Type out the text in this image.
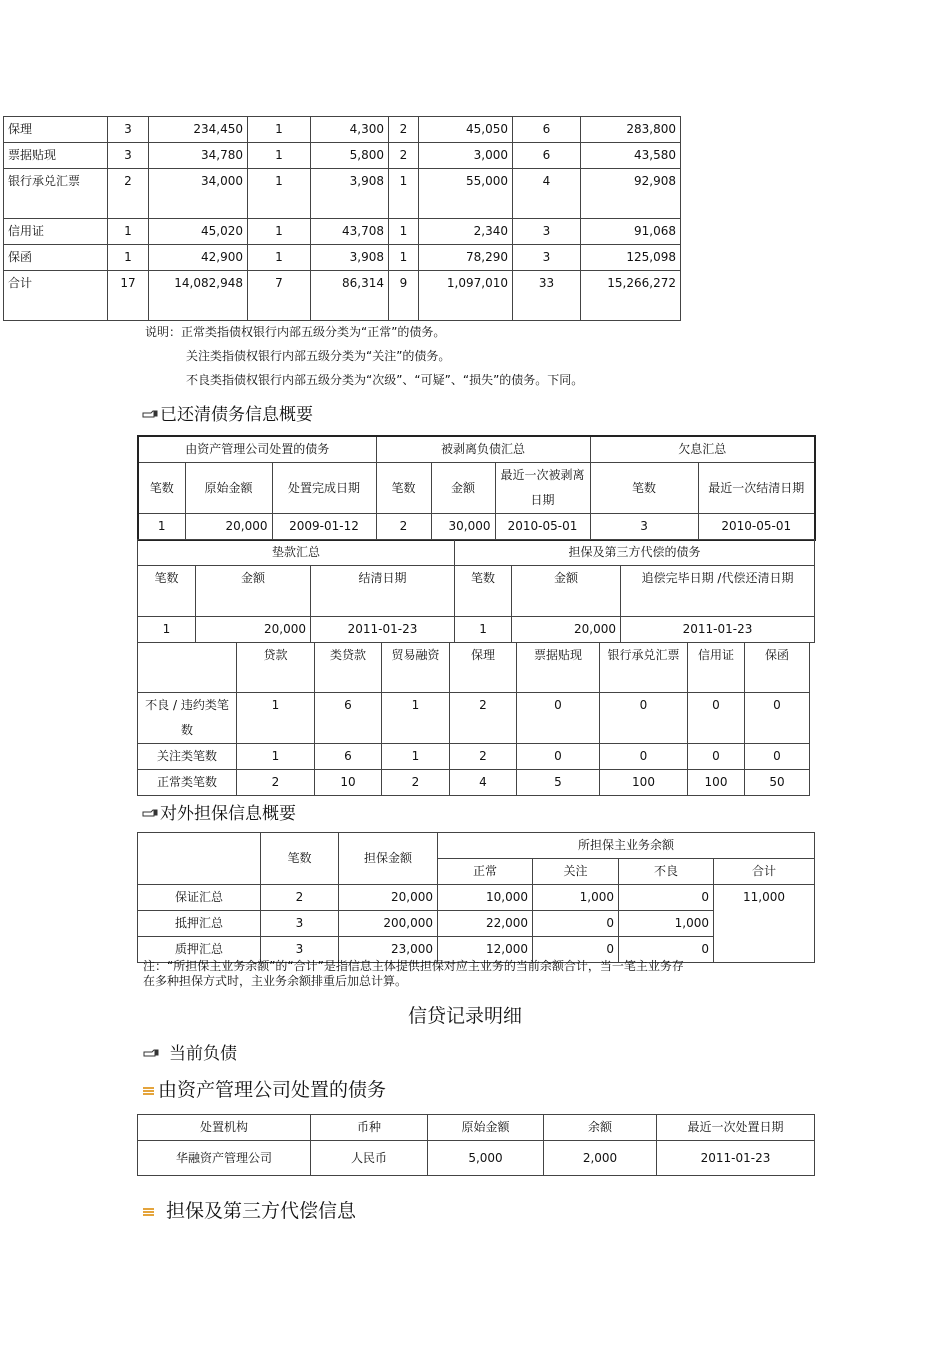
保理	3	234,450	1	4,300	2	45,050	6	283,800
票据贴现	3	34,780	1	5,800	2	3,000	6	43,580
银行承兑汇票	2	34,000	1	3,908	1	55,000	4	92,908
信用证	1	45,020	1	43,708	1	2,340	3	91,068
保函	1	42,900	1	3,908	1	78,290	3	125,098
合计	17	14,082,948	7	86,314	9	1,097,010	33	15,266,272
说明：正常类指债权银行内部五级分类为“正常”的债务。
关注类指债权银行内部五级分类为“关注”的债务。
不良类指债权银行内部五级分类为“次级”、“可疑”、“损失”的债务。下同。
已还清债务信息概要
由资产管理公司处置的债务			被剥离负债汇总			欠息汇总	
笔数	原始金额	处置完成日期	笔数	金额	最近一次被剥离日期	笔数	最近一次结清日期
1	20,000	2009-01-12	2	30,000	2010-05-01	3	2010-05-01
垫款汇总			担保及第三方代偿的债务		
笔数	金额	结清日期	笔数	金额	追偿完毕日期 /代偿还清日期
1	20,000	2011-01-23	1	20,000	2011-01-23
	贷款	类贷款	贸易融资	保理	票据贴现	银行承兑汇票	信用证	保函
不良 / 违约类笔数	1	6	1	2	0	0	0	0
关注类笔数	1	6	1	2	0	0	0	0
正常类笔数	2	10	2	4	5	100	100	50
对外担保信息概要
	笔数	担保金额	所担保主业务余额			
			正常	关注	不良	合计
保证汇总	2	20,000	10,000	1,000	0	11,000
抵押汇总	3	200,000	22,000	0	1,000	
质押汇总	3	23,000	12,000	0	0	
注：“所担保主业务余额”的“合计”是指信息主体提供担保对应主业务的当前余额合计，当一笔主业务存
在多种担保方式时，主业务余额排重后加总计算。
信贷记录明细
当前负债
由资产管理公司处置的债务
处置机构	币种	原始金额	余额	最近一次处置日期
华融资产管理公司	人民币	5,000	2,000	2011-01-23
担保及第三方代偿信息
